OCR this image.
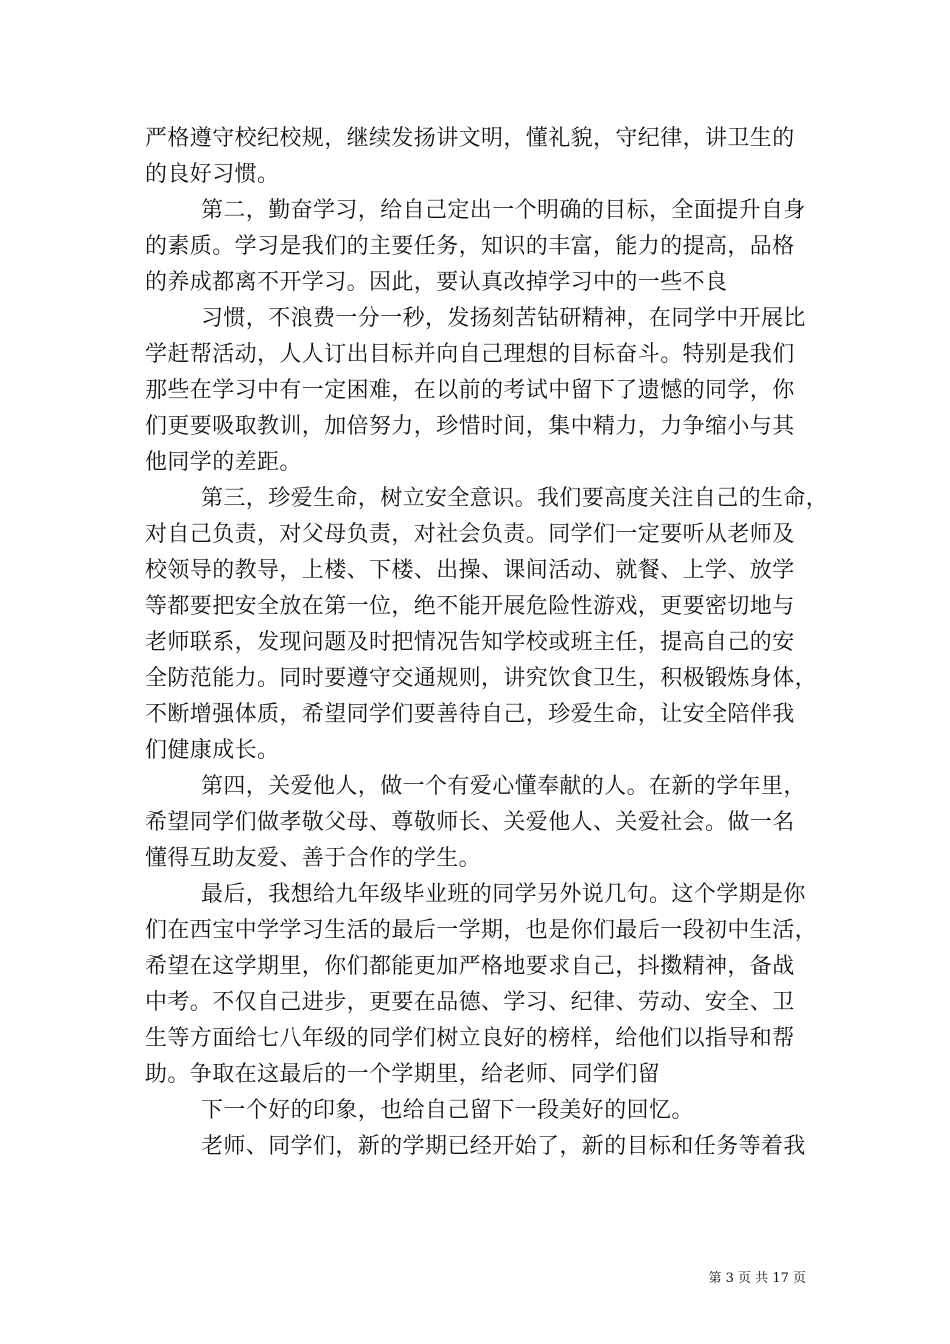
严格遵守校纪校规，继续发扬讲文明，懂礼貌，守纪律，讲卫生的
的良好习惯。
第二，勤奋学习，给自己定出一个明确的目标，全面提升自身
的素质。学习是我们的主要任务，知识的丰富，能力的提高，品格
的养成都离不开学习。因此，要认真改掉学习中的一些不良
习惯，不浪费一分一秒，发扬刻苦钻研精神，在同学中开展比
学赶帮活动，人人订出目标并向自己理想的目标奋斗。特别是我们
那些在学习中有一定困难，在以前的考试中留下了遗憾的同学，你
们更要吸取教训，加倍努力，珍惜时间，集中精力，力争缩小与其
他同学的差距。
第三，珍爱生命，树立安全意识。我们要高度关注自己的生命，
对自己负责，对父母负责，对社会负责。同学们一定要听从老师及
校领导的教导，上楼、下楼、出操、课间活动、就餐、上学、放学
等都要把安全放在第一位，绝不能开展危险性游戏，更要密切地与
老师联系，发现问题及时把情况告知学校或班主任，提高自己的安
全防范能力。同时要遵守交通规则，讲究饮食卫生，积极锻炼身体，
不断增强体质，希望同学们要善待自己，珍爱生命，让安全陪伴我
们健康成长。
第四，关爱他人，做一个有爱心懂奉献的人。在新的学年里，
希望同学们做孝敬父母、尊敬师长、关爱他人、关爱社会。做一名
懂得互助友爱、善于合作的学生。
最后，我想给九年级毕业班的同学另外说几句。这个学期是你
们在西宝中学学习生活的最后一学期，也是你们最后一段初中生活，
希望在这学期里，你们都能更加严格地要求自己，抖擞精神，备战
中考。不仅自己进步，更要在品德、学习、纪律、劳动、安全、卫
生等方面给七八年级的同学们树立良好的榜样，给他们以指导和帮
助。争取在这最后的一个学期里，给老师、同学们留
下一个好的印象，也给自己留下一段美好的回忆。
老师、同学们，新的学期已经开始了，新的目标和任务等着我
第 3 页 共 17 页
